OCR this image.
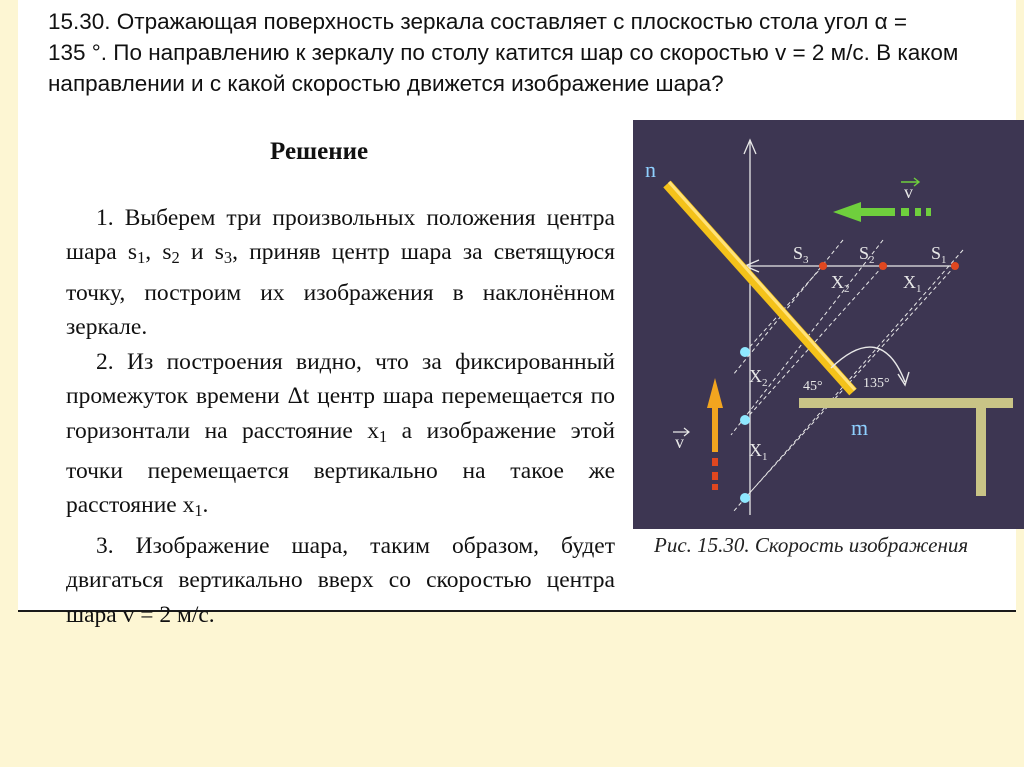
15.30. Отражающая поверхность зеркала составляет с плоскостью стола угол α =
135 °. По направлению к зеркалу по столу катится шар со скоростью v = 2 м/с. В каком
направлении и с какой скоростью движется изображение шара?
Решение

1. Выберем три произвольных положения центра шара $s_1$, $s_2$ и $s_3$, приняв центр шара за светящуюся точку, построим их изображения в наклонённом зеркале.

2. Из построения видно, что за фиксированный промежуток времени Δt центр шара перемещается по горизонтали на расстояние $x_1$ а изображение этой точки перемещается вертикально на такое же расстояние $x_1$.

3. Изображение шара, таким образом, будет двигаться вертикально вверх со скоростью центра шара v = 2 м/с.

n
m
$S_3$	$S_2$	$S_1$
$X_2$	$X_1$
$X_2$
$X_1$
v
v
45°	135°
Рис. 15.30. Скорость изображения
